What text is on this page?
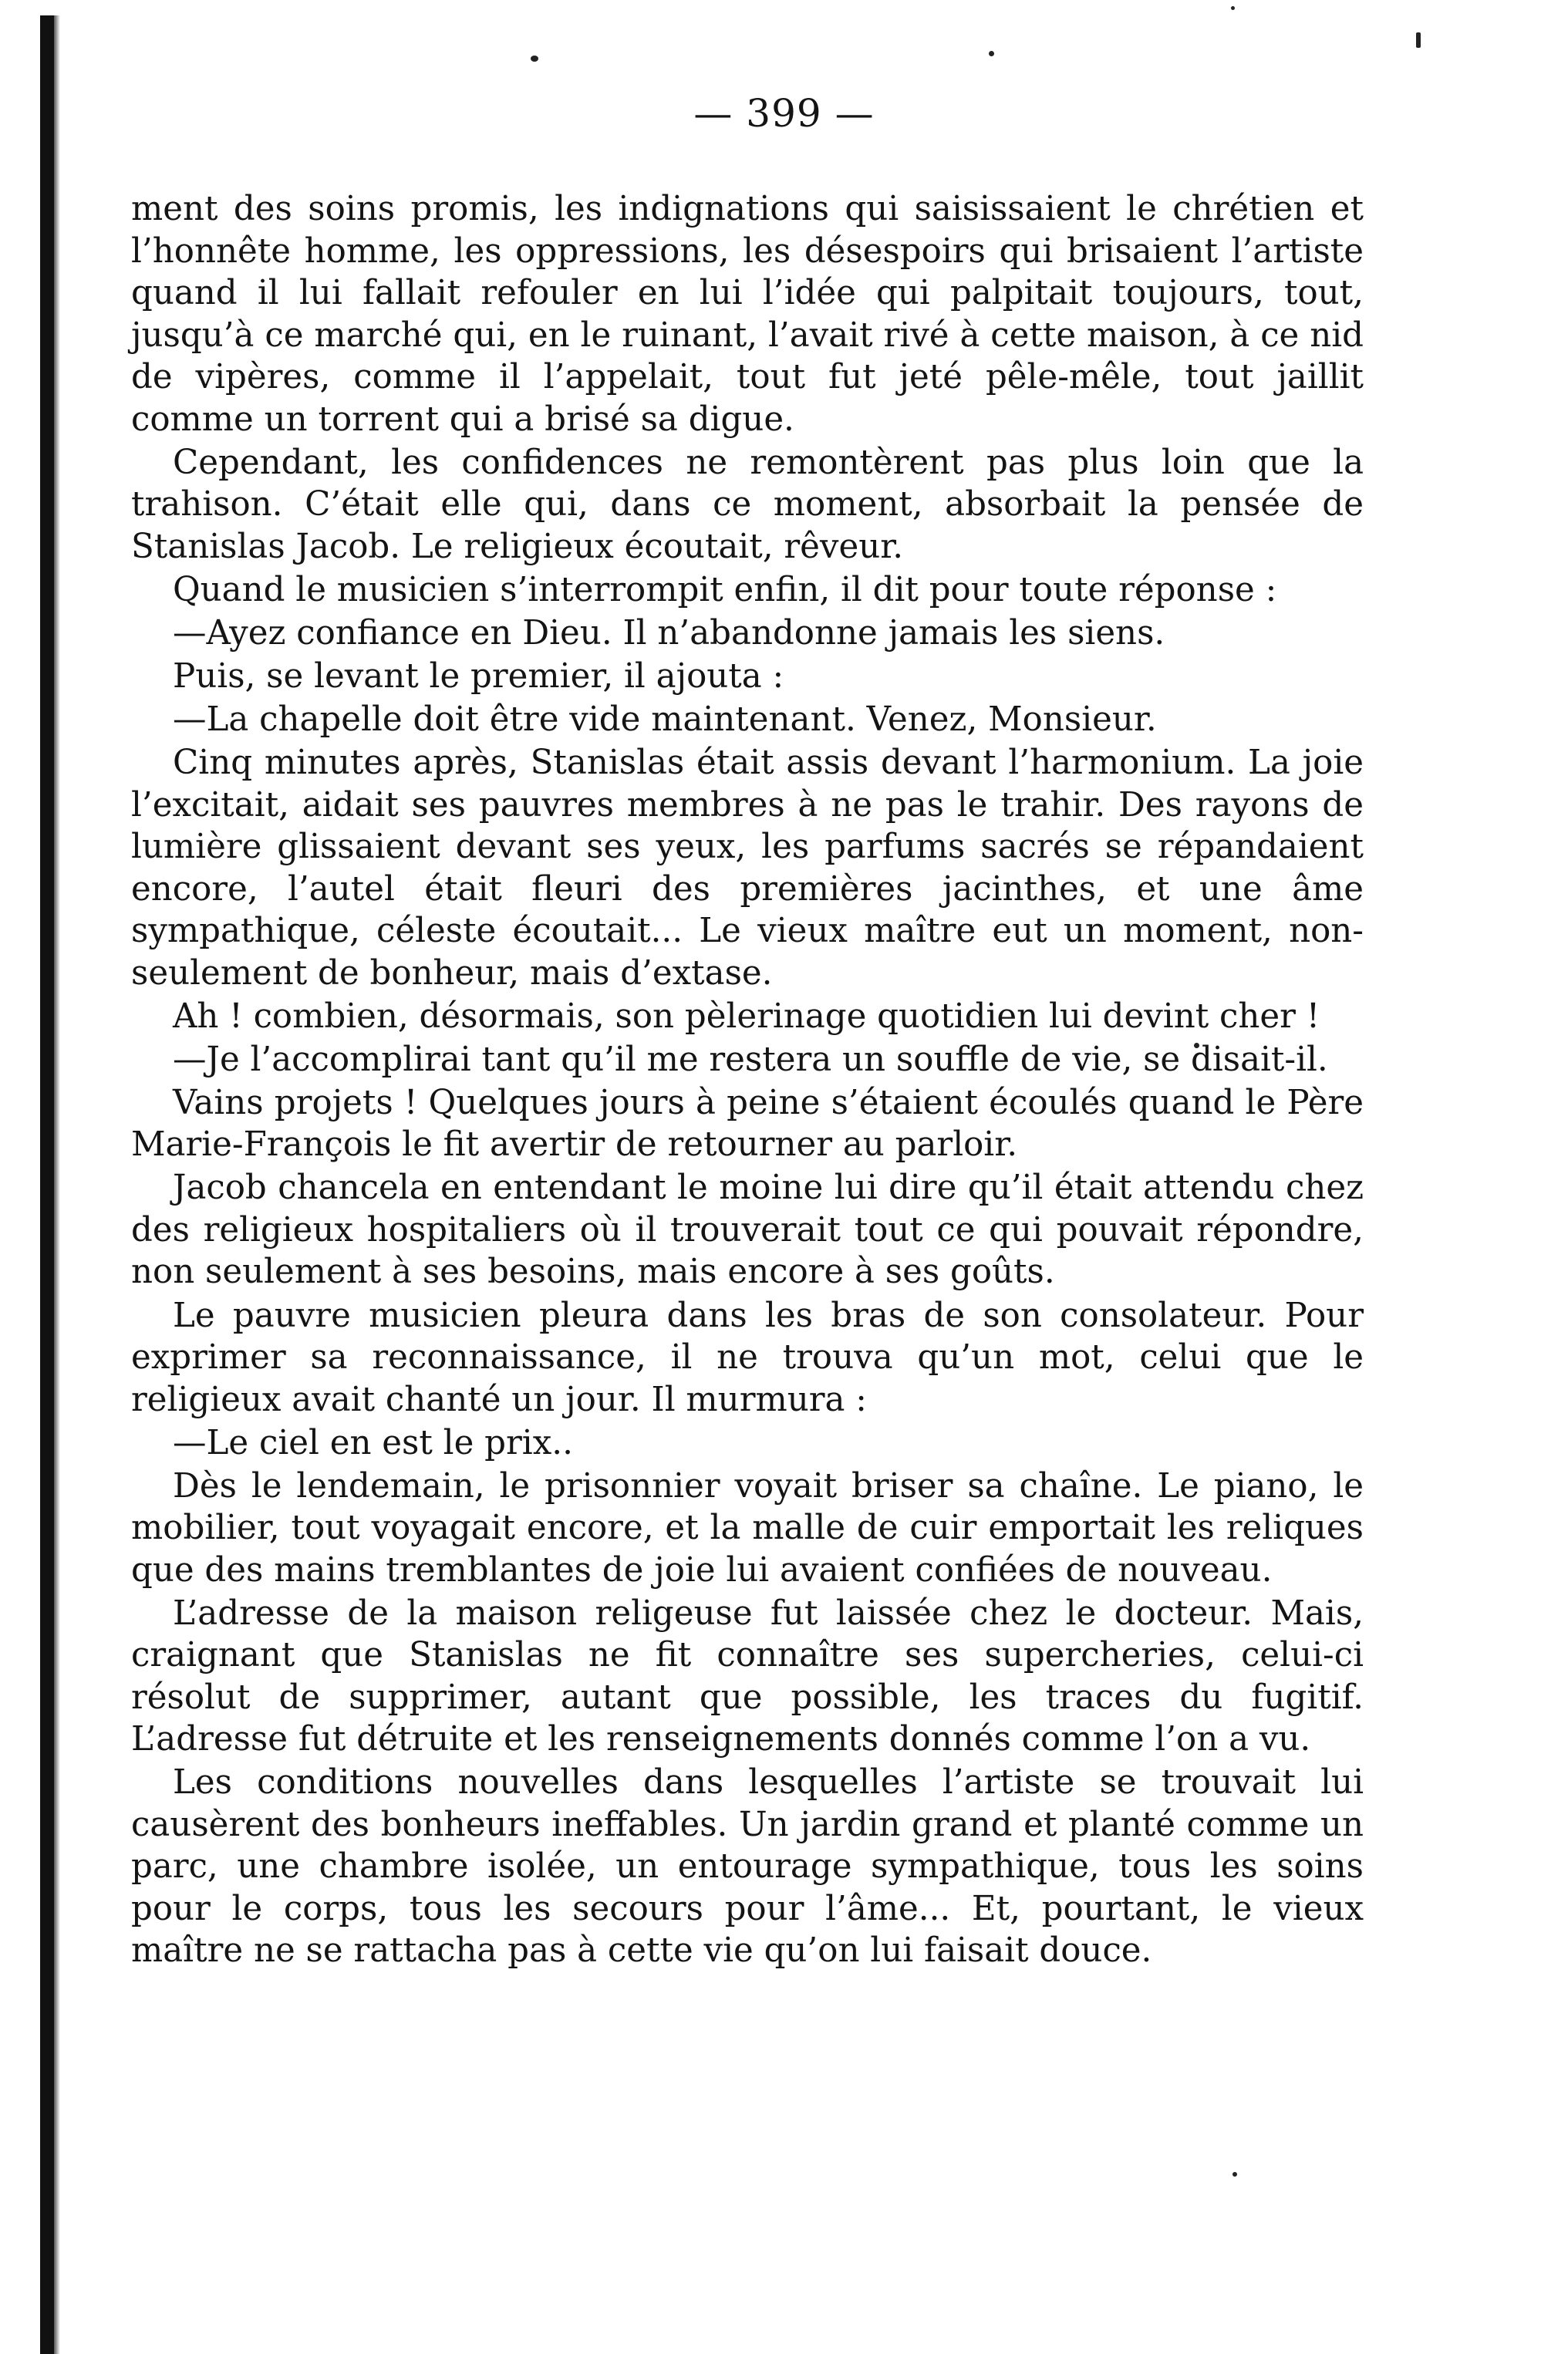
— 399 —

ment des soins promis, les indignations qui saisissaient le chrétien et l’honnête homme, les oppressions, les désespoirs qui brisaient l’artiste quand il lui fallait refouler en lui l’idée qui palpitait toujours, tout, jusqu’à ce marché qui, en le ruinant, l’avait rivé à cette maison, à ce nid de vipères, comme il l’appelait, tout fut jeté pêle-mêle, tout jaillit comme un torrent qui a brisé sa digue.

Cependant, les confidences ne remontèrent pas plus loin que la trahison. C’était elle qui, dans ce moment, absorbait la pensée de Stanislas Jacob. Le religieux écoutait, rêveur.

Quand le musicien s’interrompit enfin, il dit pour toute réponse :

—Ayez confiance en Dieu. Il n’abandonne jamais les siens.

Puis, se levant le premier, il ajouta :

—La chapelle doit être vide maintenant. Venez, Monsieur.

Cinq minutes après, Stanislas était assis devant l’harmonium. La joie l’excitait, aidait ses pauvres membres à ne pas le trahir. Des rayons de lumière glissaient devant ses yeux, les parfums sacrés se répandaient encore, l’autel était fleuri des premières jacinthes, et une âme sympathique, céleste écoutait... Le vieux maître eut un moment, non-seulement de bonheur, mais d’extase.

Ah ! combien, désormais, son pèlerinage quotidien lui devint cher !

—Je l’accomplirai tant qu’il me restera un souffle de vie, se disait-il.

Vains projets ! Quelques jours à peine s’étaient écoulés quand le Père Marie-François le fit avertir de retourner au parloir.

Jacob chancela en entendant le moine lui dire qu’il était attendu chez des religieux hospitaliers où il trouverait tout ce qui pouvait répondre, non seulement à ses besoins, mais encore à ses goûts.

Le pauvre musicien pleura dans les bras de son consolateur. Pour exprimer sa reconnaissance, il ne trouva qu’un mot, celui que le religieux avait chanté un jour. Il murmura :

—Le ciel en est le prix..

Dès le lendemain, le prisonnier voyait briser sa chaîne. Le piano, le mobilier, tout voyagait encore, et la malle de cuir emportait les reliques que des mains tremblantes de joie lui avaient confiées de nouveau.

L’adresse de la maison religeuse fut laissée chez le docteur. Mais, craignant que Stanislas ne fit connaître ses supercheries, celui-ci résolut de supprimer, autant que possible, les traces du fugitif. L’adresse fut détruite et les renseignements donnés comme l’on a vu.

Les conditions nouvelles dans lesquelles l’artiste se trouvait lui causèrent des bonheurs ineffables. Un jardin grand et planté comme un parc, une chambre isolée, un entourage sympathique, tous les soins pour le corps, tous les secours pour l’âme... Et, pourtant, le vieux maître ne se rattacha pas à cette vie qu’on lui faisait douce.
